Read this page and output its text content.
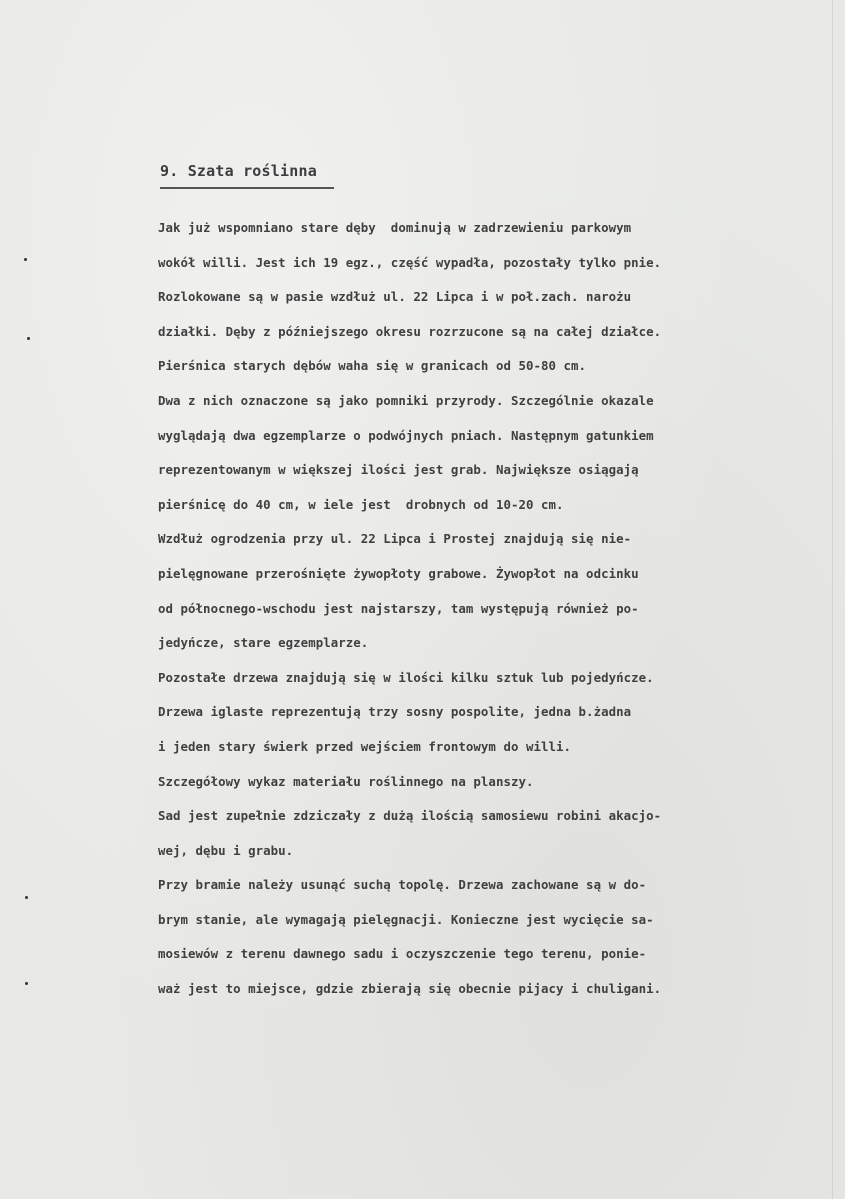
9. Szata roślinna
Jak już wspomniano stare dęby  dominują w zadrzewieniu parkowym
wokół willi. Jest ich 19 egz., część wypadła, pozostały tylko pnie.
Rozlokowane są w pasie wzdłuż ul. 22 Lipca i w poł.zach. narożu
działki. Dęby z późniejszego okresu rozrzucone są na całej działce.
Pierśnica starych dębów waha się w granicach od 50-80 cm.
Dwa z nich oznaczone są jako pomniki przyrody. Szczególnie okazale
wyglądają dwa egzemplarze o podwójnych pniach. Następnym gatunkiem
reprezentowanym w większej ilości jest grab. Największe osiągają
pierśnicę do 40 cm, w iele jest  drobnych od 10-20 cm.
Wzdłuż ogrodzenia przy ul. 22 Lipca i Prostej znajdują się nie-
pielęgnowane przerośnięte żywopłoty grabowe. Żywopłot na odcinku
od północnego-wschodu jest najstarszy, tam występują również po-
jedyńcze, stare egzemplarze.
Pozostałe drzewa znajdują się w ilości kilku sztuk lub pojedyńcze.
Drzewa iglaste reprezentują trzy sosny pospolite, jedna b.żadna
i jeden stary świerk przed wejściem frontowym do willi.
Szczegółowy wykaz materiału roślinnego na planszy.
Sad jest zupełnie zdziczały z dużą ilością samosiewu robini akacjo-
wej, dębu i grabu.
Przy bramie należy usunąć suchą topolę. Drzewa zachowane są w do-
brym stanie, ale wymagają pielęgnacji. Konieczne jest wycięcie sa-
mosiewów z terenu dawnego sadu i oczyszczenie tego terenu, ponie-
waż jest to miejsce, gdzie zbierają się obecnie pijacy i chuligani.
